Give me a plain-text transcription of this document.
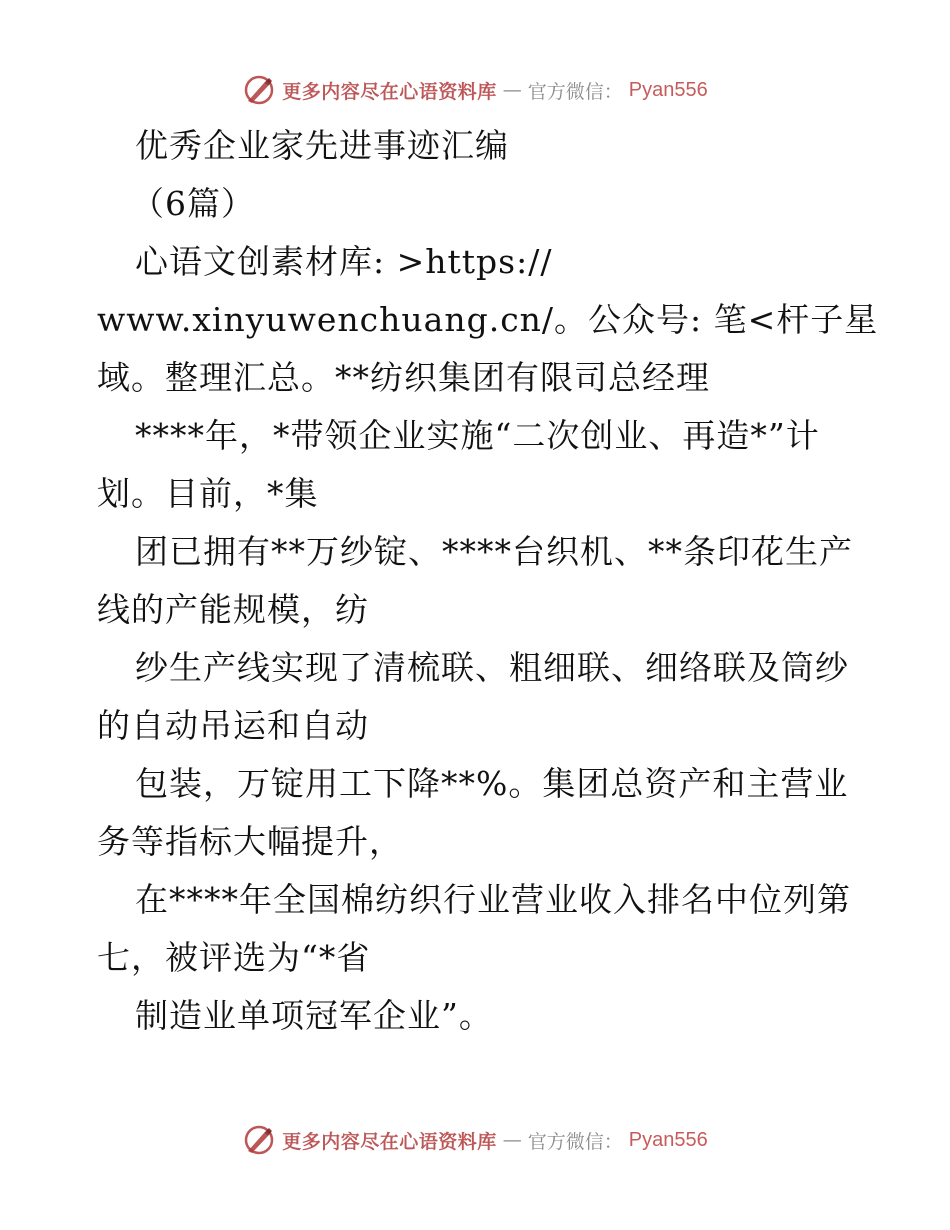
更多内容尽在心语资料库 — 官方微信： Pyan556
优秀企业家先进事迹汇编
（6篇）
心语文创素材库: >https://
www.xinyuwenchuang.cn/。公众号: 笔<杆子星
域。整理汇总。**纺织集团有限司总经理
****年，*带领企业实施“二次创业、再造*”计
划。目前，*集
团已拥有**万纱锭、****台织机、**条印花生产
线的产能规模，纺
纱生产线实现了清梳联、粗细联、细络联及筒纱
的自动吊运和自动
包装，万锭用工下降**%。集团总资产和主营业
务等指标大幅提升，
在****年全国棉纺织行业营业收入排名中位列第
七，被评选为“*省
制造业单项冠军企业”。
更多内容尽在心语资料库 — 官方微信： Pyan556
